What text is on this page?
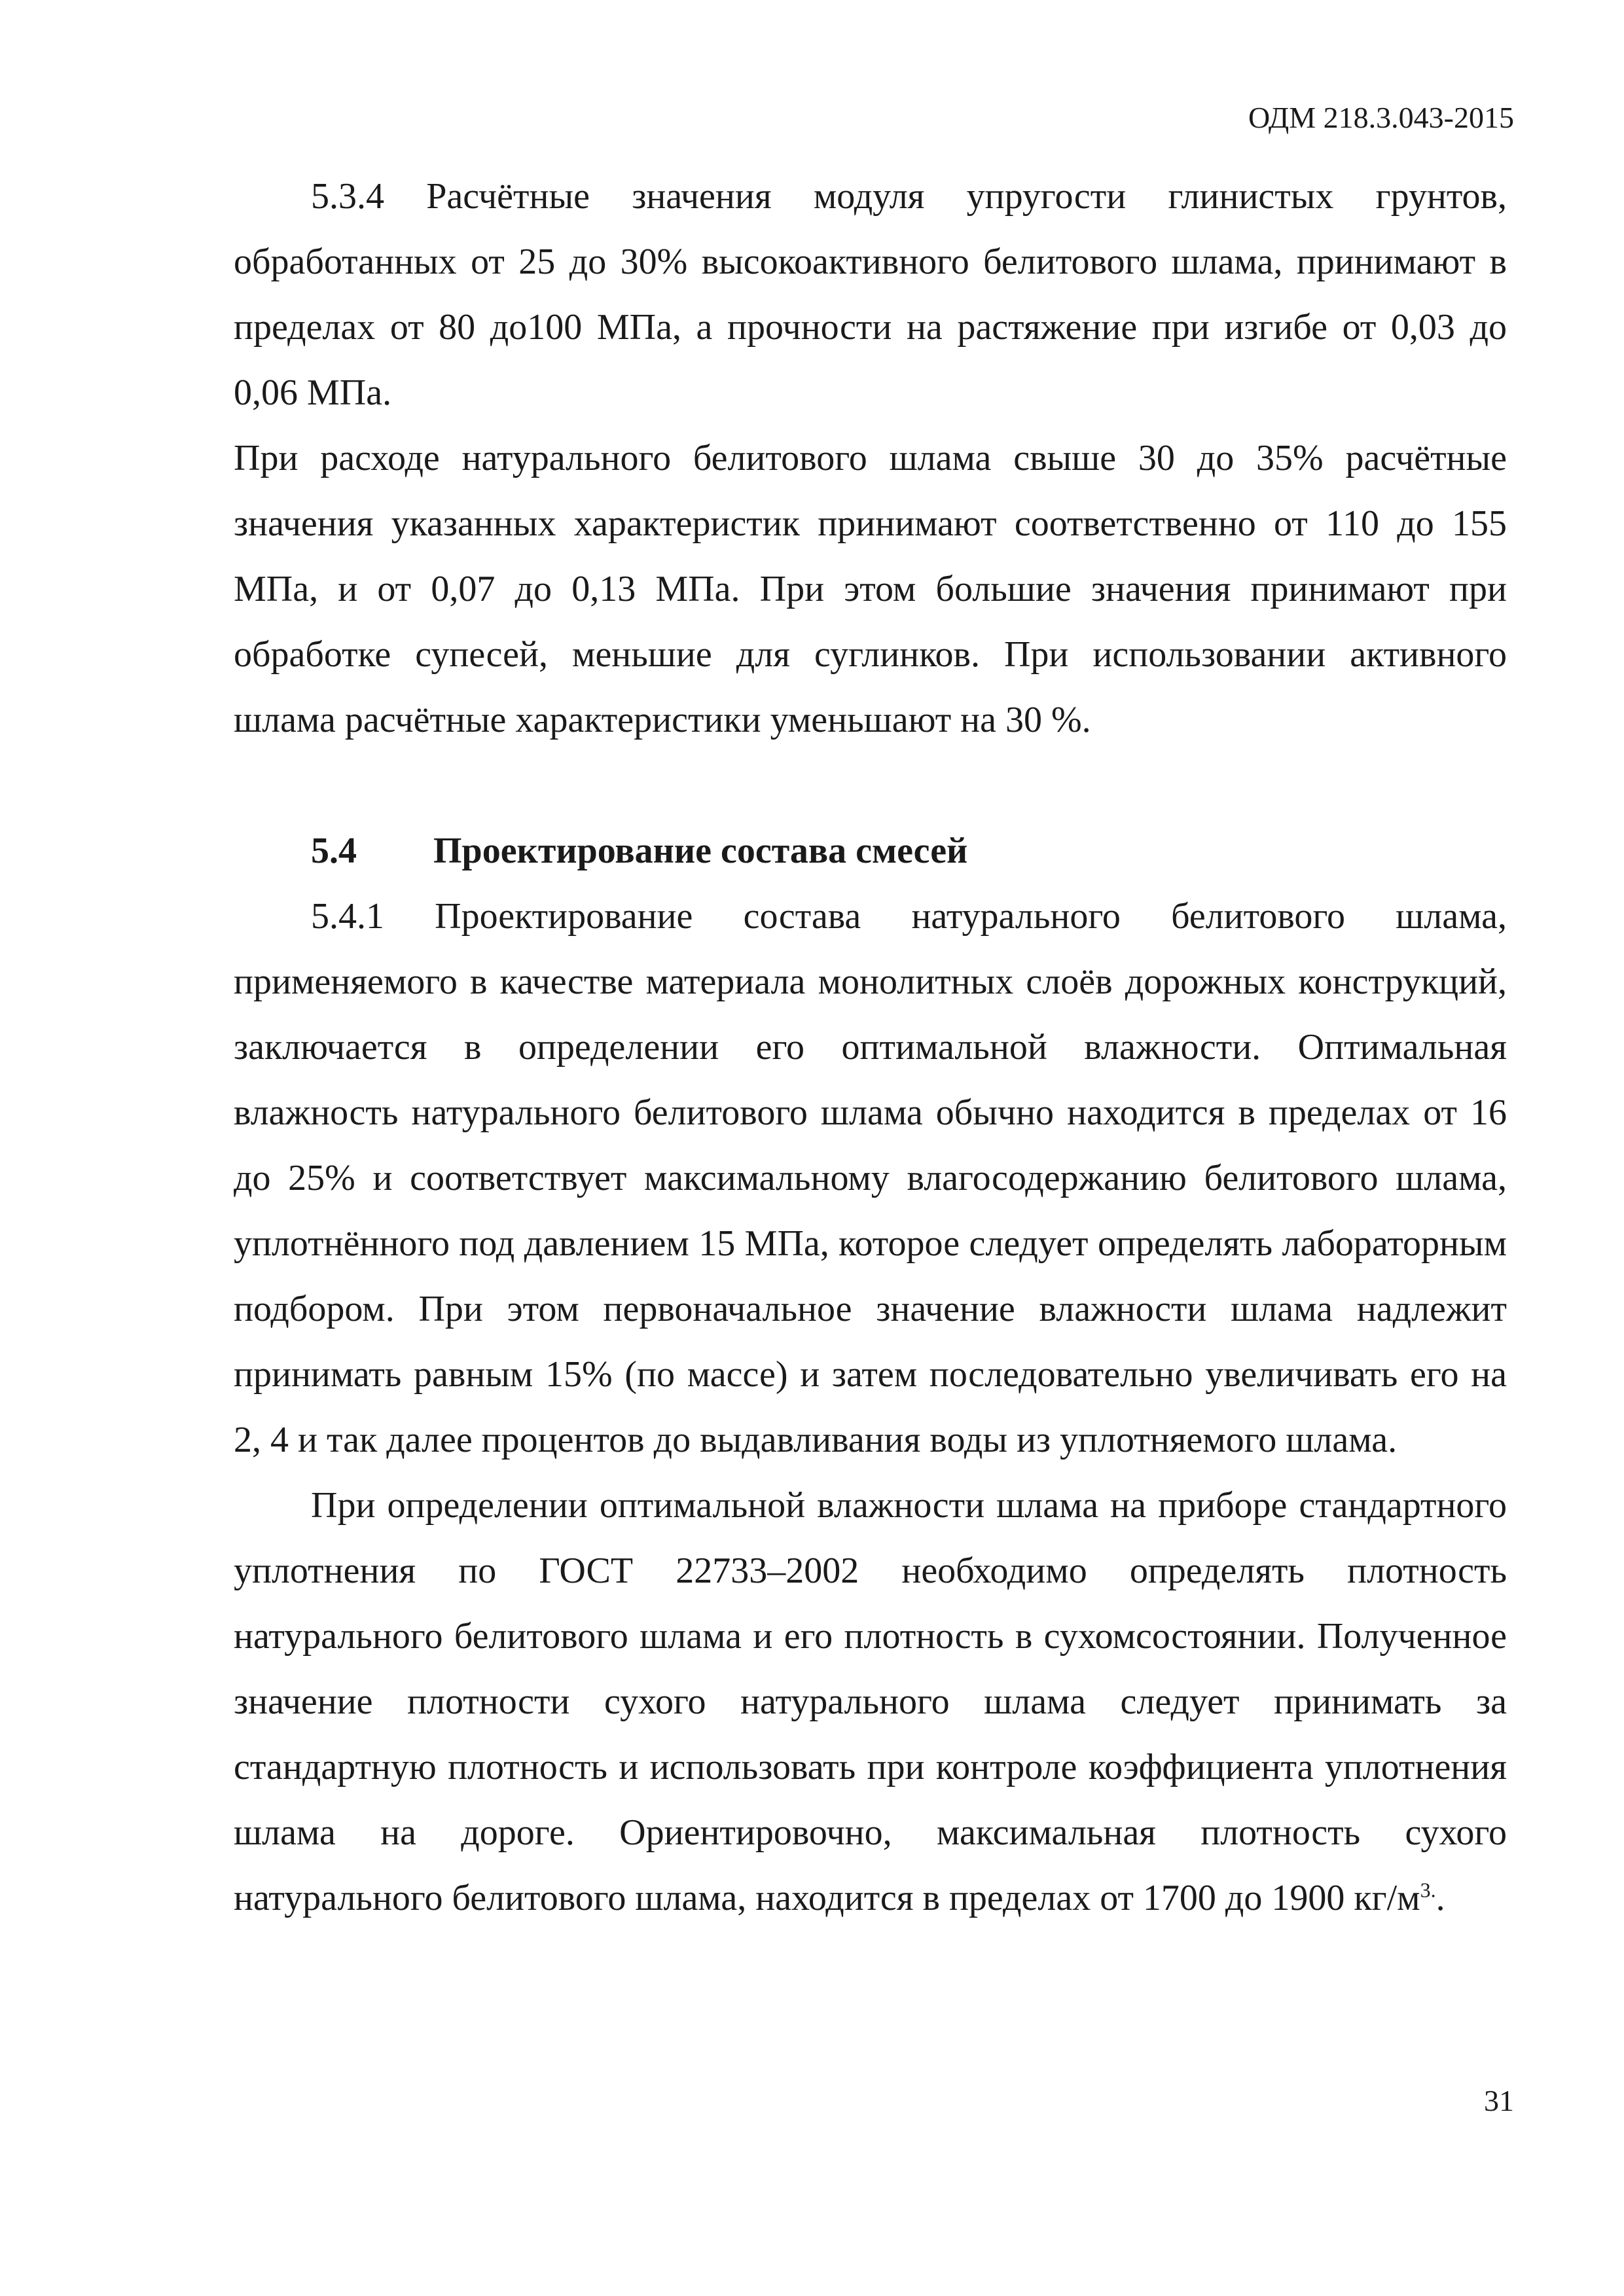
ОДМ 218.3.043-2015

5.3.4 Расчётные значения модуля упругости глинистых грунтов, обработанных от 25 до 30% высокоактивного белитового шлама, принимают в пределах от 80 до100 МПа, а прочности на растяжение при изгибе от 0,03 до 0,06 МПа.

При расходе натурального белитового шлама свыше 30 до 35% расчётные значения указанных характеристик принимают соответственно от 110 до 155 МПа, и от 0,07 до 0,13 МПа. При этом большие значения принимают при обработке супесей, меньшие для суглинков. При использовании активного шлама расчётные характеристики уменьшают на 30 %.

5.4 Проектирование состава смесей

5.4.1 Проектирование состава натурального белитового шлама, применяемого в качестве материала монолитных слоёв дорожных конструкций, заключается в определении его оптимальной влажности. Оптимальная влажность натурального белитового шлама обычно находится в пределах от 16 до 25% и соответствует максимальному влагосодержанию белитового шлама, уплотнённого под давлением 15 МПа, которое следует определять лабораторным подбором. При этом первоначальное значение влажности шлама надлежит принимать равным 15% (по массе) и затем последовательно увеличивать его на 2, 4 и так далее процентов до выдавливания воды из уплотняемого шлама.

При определении оптимальной влажности шлама на приборе стандартного уплотнения по ГОСТ 22733–2002 необходимо определять плотность натурального белитового шлама и его плотность в сухомсостоянии. Полученное значение плотности сухого натурального шлама следует принимать за стандартную плотность и использовать при контроле коэффициента уплотнения шлама на дороге. Ориентировочно, максимальная плотность сухого натурального белитового шлама, находится в пределах от 1700 до 1900 $кг/м^{3.}$.

31
